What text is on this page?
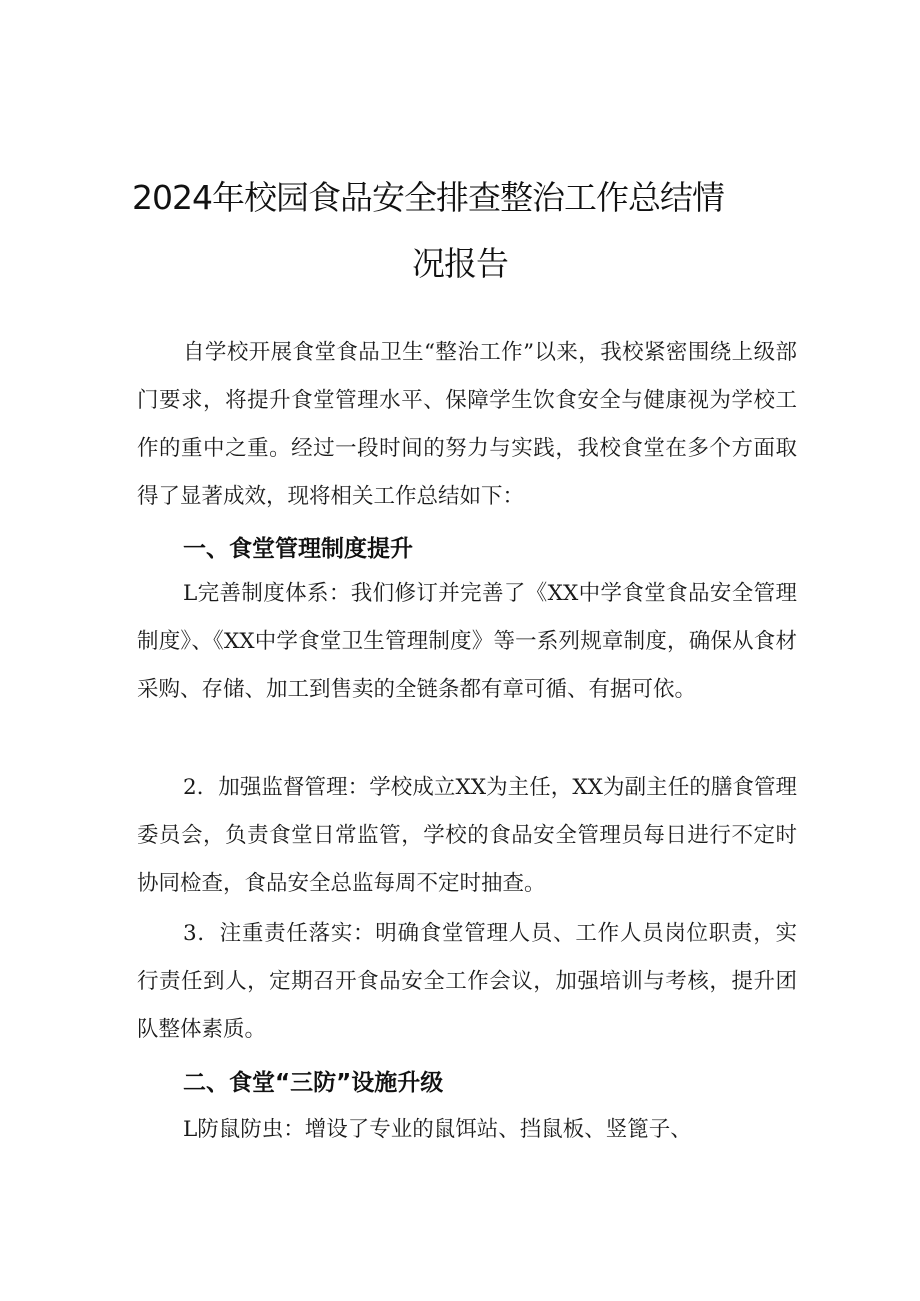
2024年校园食品安全排查整治工作总结情
况报告

自学校开展食堂食品卫生“整治工作”以来，我校紧密围绕上级部门要求，将提升食堂管理水平、保障学生饮食安全与健康视为学校工作的重中之重。经过一段时间的努力与实践，我校食堂在多个方面取得了显著成效，现将相关工作总结如下：

一、食堂管理制度提升

L完善制度体系：我们修订并完善了《XX中学食堂食品安全管理制度》、《XX中学食堂卫生管理制度》等一系列规章制度，确保从食材采购、存储、加工到售卖的全链条都有章可循、有据可依。

2．加强监督管理：学校成立XX为主任，XX为副主任的膳食管理委员会，负责食堂日常监管，学校的食品安全管理员每日进行不定时协同检查，食品安全总监每周不定时抽查。

3．注重责任落实：明确食堂管理人员、工作人员岗位职责，实行责任到人，定期召开食品安全工作会议，加强培训与考核，提升团队整体素质。

二、食堂“三防”设施升级

L防鼠防虫：增设了专业的鼠饵站、挡鼠板、竖篦子、
